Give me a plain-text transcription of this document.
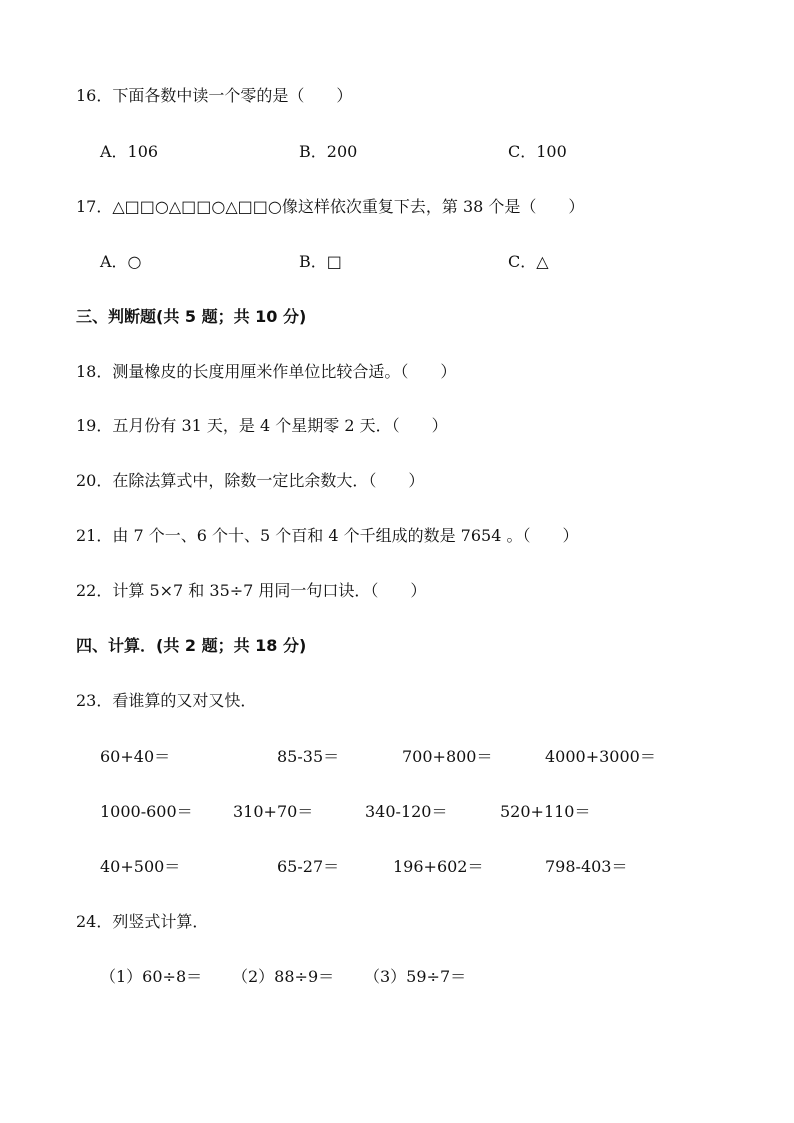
16．下面各数中读一个零的是（　　）
A．106	B．200	C．100
17．△□□○△□□○△□□○像这样依次重复下去，第 38 个是（　　）
A．○	B．□	C．△
三、判断题(共 5 题；共 10 分)
18．测量橡皮的长度用厘米作单位比较合适。（　　）
19．五月份有 31 天，是 4 个星期零 2 天．（　　）
20．在除法算式中，除数一定比余数大．（　　）
21．由 7 个一、6 个十、5 个百和 4 个千组成的数是 7654 。（　　）
22．计算 5×7 和 35÷7 用同一句口诀．（　　）
四、计算．(共 2 题；共 18 分)
23．看谁算的又对又快．
60+40＝	85-35＝	700+800＝	4000+3000＝
1000-600＝	310+70＝	340-120＝	520+110＝
40+500＝	65-27＝	196+602＝	798-403＝
24．列竖式计算．
（1）60÷8＝ （2）88÷9＝ （3）59÷7＝
